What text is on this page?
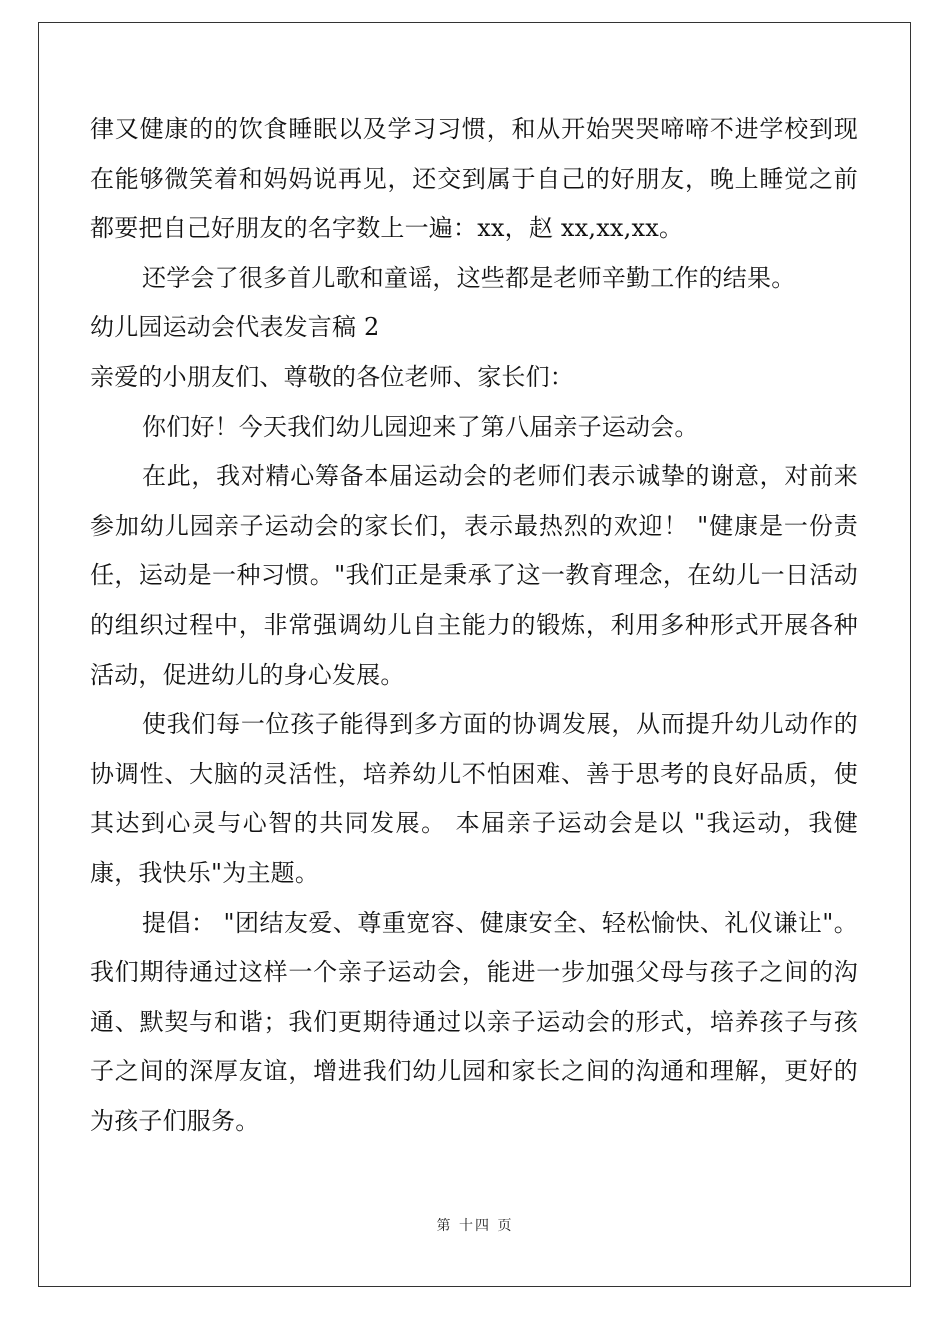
律又健康的的饮食睡眠以及学习习惯，和从开始哭哭啼啼不进学校到现在能够微笑着和妈妈说再见，还交到属于自己的好朋友，晚上睡觉之前都要把自己好朋友的名字数上一遍：xx，赵 xx,xx,xx。

还学会了很多首儿歌和童谣，这些都是老师辛勤工作的结果。

幼儿园运动会代表发言稿 2

亲爱的小朋友们、尊敬的各位老师、家长们：

你们好！今天我们幼儿园迎来了第八届亲子运动会。

在此，我对精心筹备本届运动会的老师们表示诚挚的谢意，对前来参加幼儿园亲子运动会的家长们，表示最热烈的欢迎！ "健康是一份责任，运动是一种习惯。"我们正是秉承了这一教育理念，在幼儿一日活动的组织过程中，非常强调幼儿自主能力的锻炼，利用多种形式开展各种活动，促进幼儿的身心发展。

使我们每一位孩子能得到多方面的协调发展，从而提升幼儿动作的协调性、大脑的灵活性，培养幼儿不怕困难、善于思考的良好品质，使其达到心灵与心智的共同发展。 本届亲子运动会是以 "我运动，我健康，我快乐"为主题。

提倡： "团结友爱、尊重宽容、健康安全、轻松愉快、礼仪谦让"。我们期待通过这样一个亲子运动会，能进一步加强父母与孩子之间的沟通、默契与和谐；我们更期待通过以亲子运动会的形式，培养孩子与孩子之间的深厚友谊，增进我们幼儿园和家长之间的沟通和理解，更好的为孩子们服务。

第 十四 页
